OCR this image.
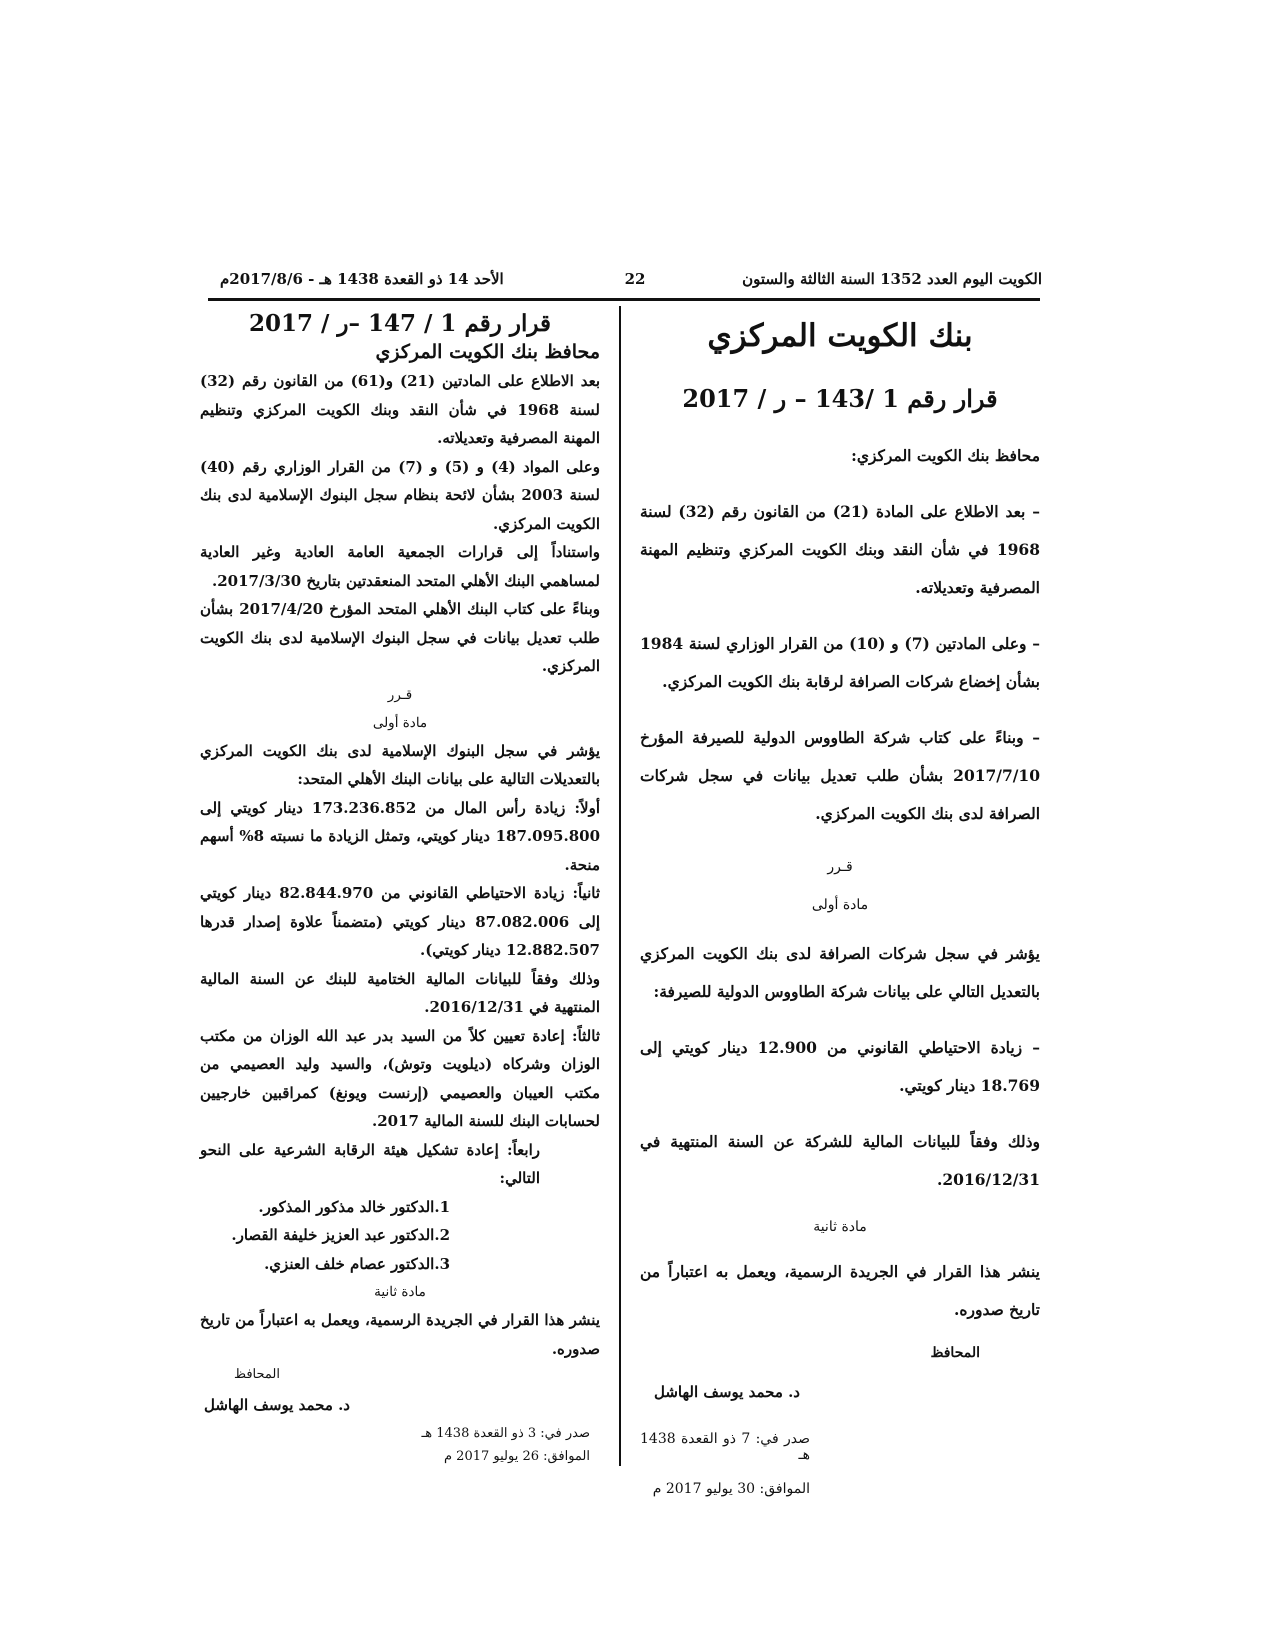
الكويت اليوم العدد 1352 السنة الثالثة والستون
22
الأحد 14 ذو القعدة 1438 هـ - 2017/8/6م
بنك الكويت المركزي
قرار رقم 1 /143 – ر / 2017

محافظ بنك الكويت المركزي:

– بعد الاطلاع على المادة (21) من القانون رقم (32) لسنة 1968 في شأن النقد وبنك الكويت المركزي وتنظيم المهنة المصرفية وتعديلاته.

– وعلى المادتين (7) و (10) من القرار الوزاري لسنة 1984 بشأن إخضاع شركات الصرافة لرقابة بنك الكويت المركزي.

– وبناءً على كتاب شركة الطاووس الدولية للصيرفة المؤرخ 2017/7/10 بشأن طلب تعديل بيانات في سجل شركات الصرافة لدى بنك الكويت المركزي.

قـرر
مادة أولى

يؤشر في سجل شركات الصرافة لدى بنك الكويت المركزي بالتعديل التالي على بيانات شركة الطاووس الدولية للصيرفة:

– زيادة الاحتياطي القانوني من 12.900 دينار كويتي إلى 18.769 دينار كويتي.

وذلك وفقاً للبيانات المالية للشركة عن السنة المنتهية في 2016/12/31.

مادة ثانية

ينشر هذا القرار في الجريدة الرسمية، ويعمل به اعتباراً من تاريخ صدوره.

المحافظ
د. محمد يوسف الهاشل
صدر في: 7 ذو القعدة 1438 هـ
الموافق: 30 يوليو 2017 م
قرار رقم 1 / 147 –ر / 2017
محافظ بنك الكويت المركزي

بعد الاطلاع على المادتين (21) و(61) من القانون رقم (32) لسنة 1968 في شأن النقد وبنك الكويت المركزي وتنظيم المهنة المصرفية وتعديلاته.

وعلى المواد (4) و (5) و (7) من القرار الوزاري رقم (40) لسنة 2003 بشأن لائحة بنظام سجل البنوك الإسلامية لدى بنك الكويت المركزي.

واستناداً إلى قرارات الجمعية العامة العادية وغير العادية لمساهمي البنك الأهلي المتحد المنعقدتين بتاريخ 2017/3/30.

وبناءً على كتاب البنك الأهلي المتحد المؤرخ 2017/4/20 بشأن طلب تعديل بيانات في سجل البنوك الإسلامية لدى بنك الكويت المركزي.

قـرر
مادة أولى

يؤشر في سجل البنوك الإسلامية لدى بنك الكويت المركزي بالتعديلات التالية على بيانات البنك الأهلي المتحد:

أولاً: زيادة رأس المال من 173.236.852 دينار كويتي إلى 187.095.800 دينار كويتي، وتمثل الزيادة ما نسبته 8% أسهم منحة.

ثانياً: زيادة الاحتياطي القانوني من 82.844.970 دينار كويتي إلى 87.082.006 دينار كويتي (متضمناً علاوة إصدار قدرها 12.882.507 دينار كويتي).

وذلك وفقاً للبيانات المالية الختامية للبنك عن السنة المالية المنتهية في 2016/12/31.

ثالثاً: إعادة تعيين كلاً من السيد بدر عبد الله الوزان من مكتب الوزان وشركاه (ديلويت وتوش)، والسيد وليد العصيمي من مكتب العيبان والعصيمي (إرنست ويونغ) كمراقبين خارجيين لحسابات البنك للسنة المالية 2017.

رابعاً: إعادة تشكيل هيئة الرقابة الشرعية على النحو التالي:

1.الدكتور خالد مذكور المذكور.

2.الدكتور عبد العزيز خليفة القصار.

3.الدكتور عصام خلف العنزي.

مادة ثانية

ينشر هذا القرار في الجريدة الرسمية، ويعمل به اعتباراً من تاريخ صدوره.

المحافظ
د. محمد يوسف الهاشل
صدر في: 3 ذو القعدة 1438 هـ
الموافق: 26 يوليو 2017 م
